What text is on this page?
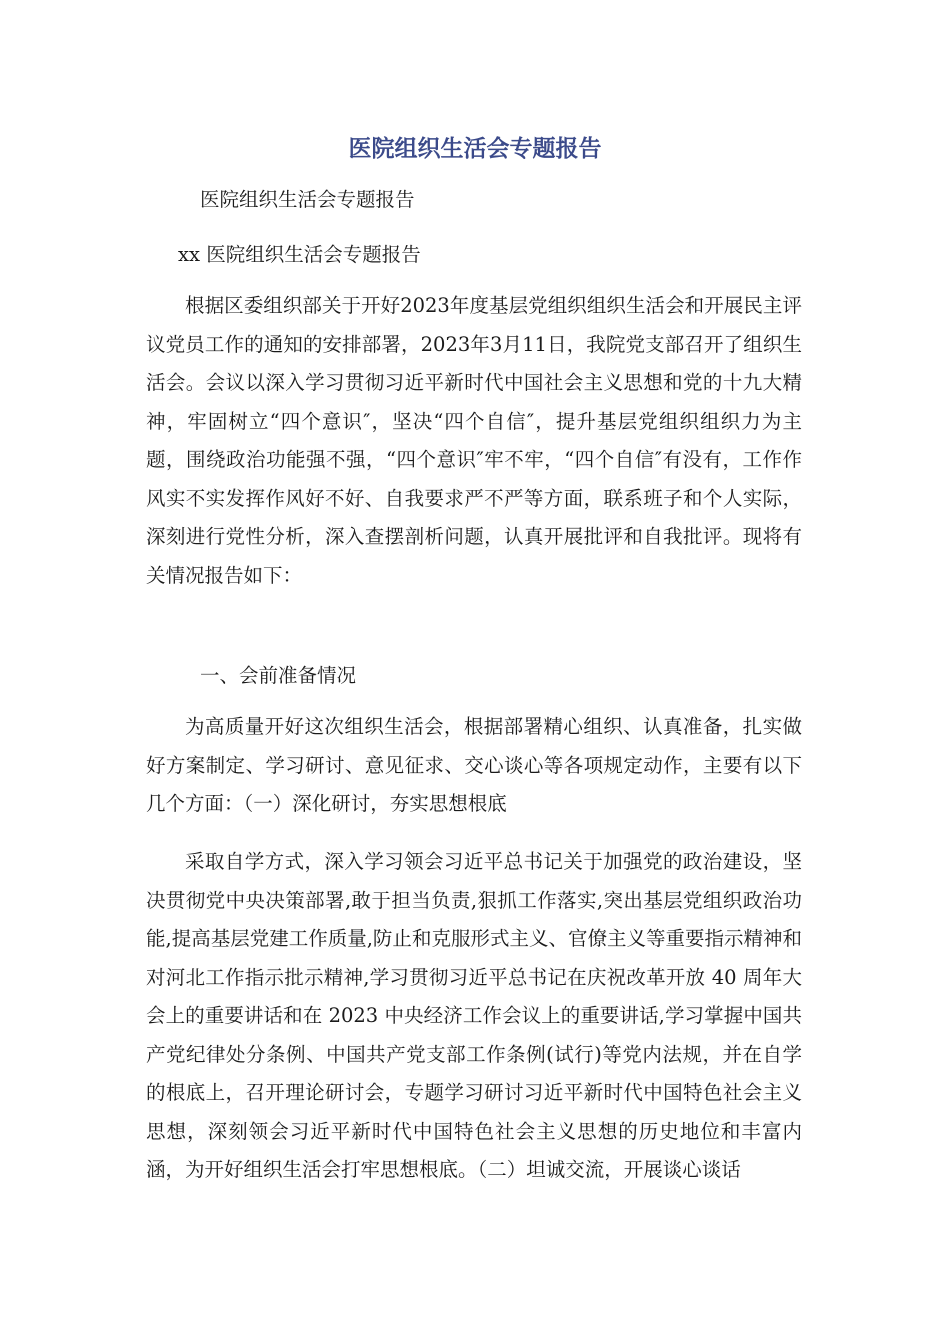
医院组织生活会专题报告
医院组织生活会专题报告
xx 医院组织生活会专题报告
根据区委组织部关于开好2023年度基层党组织组织生活会和开展民主评议党员工作的通知的安排部署，2023年3月11日，我院党支部召开了组织生活会。会议以深入学习贯彻习近平新时代中国社会主义思想和党的十九大精神，牢固树立“四个意识″，坚决“四个自信″，提升基层党组织组织力为主题，围绕政治功能强不强，“四个意识″牢不牢，“四个自信″有没有，工作作风实不实发挥作风好不好、自我要求严不严等方面，联系班子和个人实际，深刻进行党性分析，深入查摆剖析问题，认真开展批评和自我批评。现将有关情况报告如下：
一、会前准备情况
为高质量开好这次组织生活会，根据部署精心组织、认真准备，扎实做好方案制定、学习研讨、意见征求、交心谈心等各项规定动作，主要有以下几个方面：（一）深化研讨，夯实思想根底
采取自学方式，深入学习领会习近平总书记关于加强党的政治建设，坚决贯彻党中央决策部署,敢于担当负责,狠抓工作落实,突出基层党组织政治功能,提高基层党建工作质量,防止和克服形式主义、官僚主义等重要指示精神和对河北工作指示批示精神,学习贯彻习近平总书记在庆祝改革开放 40 周年大会上的重要讲话和在 2023 中央经济工作会议上的重要讲话,学习掌握中国共产党纪律处分条例、中国共产党支部工作条例(试行)等党内法规，并在自学的根底上，召开理论研讨会，专题学习研讨习近平新时代中国特色社会主义思想，深刻领会习近平新时代中国特色社会主义思想的历史地位和丰富内涵，为开好组织生活会打牢思想根底。（二）坦诚交流，开展谈心谈话
